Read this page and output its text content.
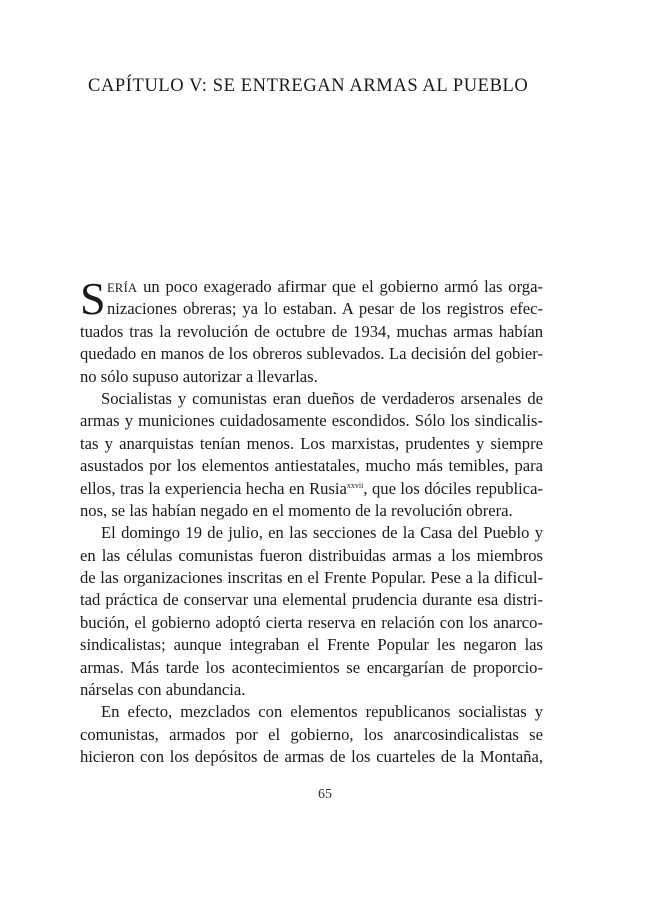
CAPÍTULO V: SE ENTREGAN ARMAS AL PUEBLO
S ERÍA un poco exagerado afirmar que el gobierno armó las orga-
nizaciones obreras; ya lo estaban. A pesar de los registros efec-
tuados tras la revolución de octubre de 1934, muchas armas habían
quedado en manos de los obreros sublevados. La decisión del gobier-
no sólo supuso autorizar a llevarlas.
Socialistas y comunistas eran dueños de verdaderos arsenales de
armas y municiones cuidadosamente escondidos. Sólo los sindicalis-
tas y anarquistas tenían menos. Los marxistas, prudentes y siempre
asustados por los elementos antiestatales, mucho más temibles, para
ellos, tras la experiencia hecha en Rusia$^{xxvii}$, que los dóciles republica-
nos, se las habían negado en el momento de la revolución obrera.
El domingo 19 de julio, en las secciones de la Casa del Pueblo y
en las células comunistas fueron distribuidas armas a los miembros
de las organizaciones inscritas en el Frente Popular. Pese a la dificul-
tad práctica de conservar una elemental prudencia durante esa distri-
bución, el gobierno adoptó cierta reserva en relación con los anarco-
sindicalistas; aunque integraban el Frente Popular les negaron las
armas. Más tarde los acontecimientos se encargarían de proporcio-
nárselas con abundancia.
En efecto, mezclados con elementos republicanos socialistas y
comunistas, armados por el gobierno, los anarcosindicalistas se
hicieron con los depósitos de armas de los cuarteles de la Montaña,
65
